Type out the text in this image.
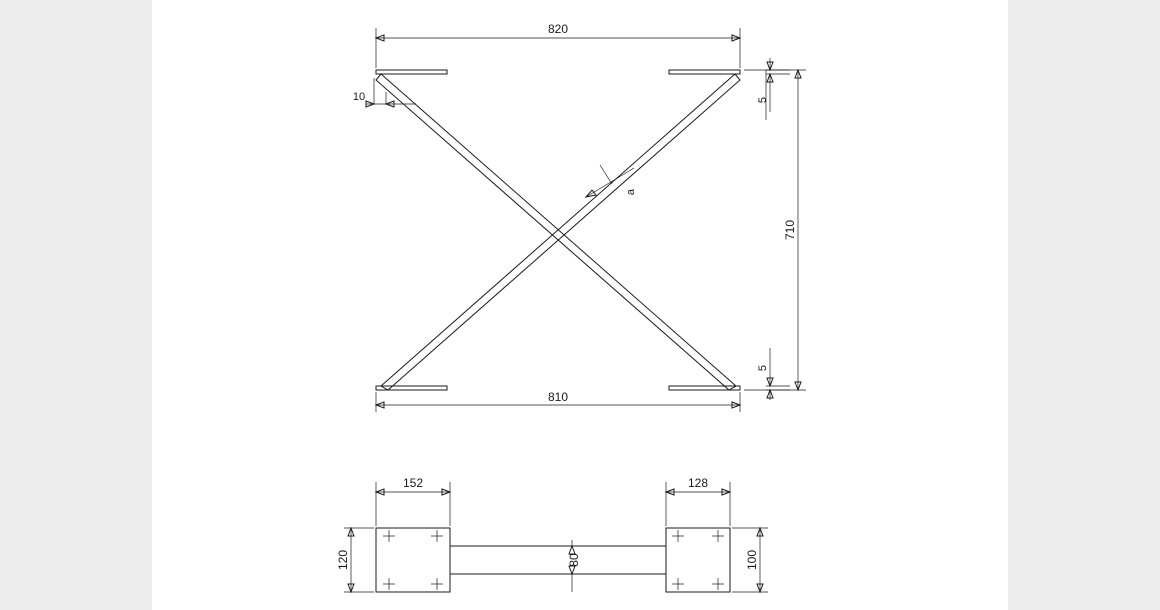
820
810
710
5
5
10
a
152	128
120	80	100
